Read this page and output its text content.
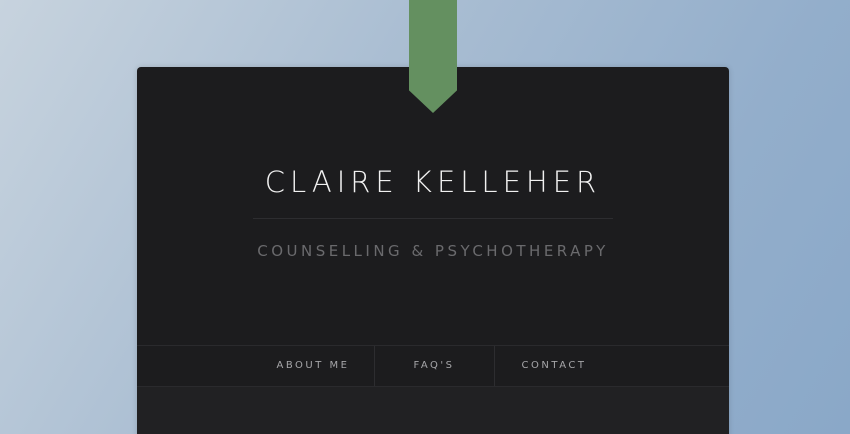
CLAIRE KELLEHER
COUNSELLING & PSYCHOTHERAPY
ABOUT ME	FAQ'S	CONTACT
